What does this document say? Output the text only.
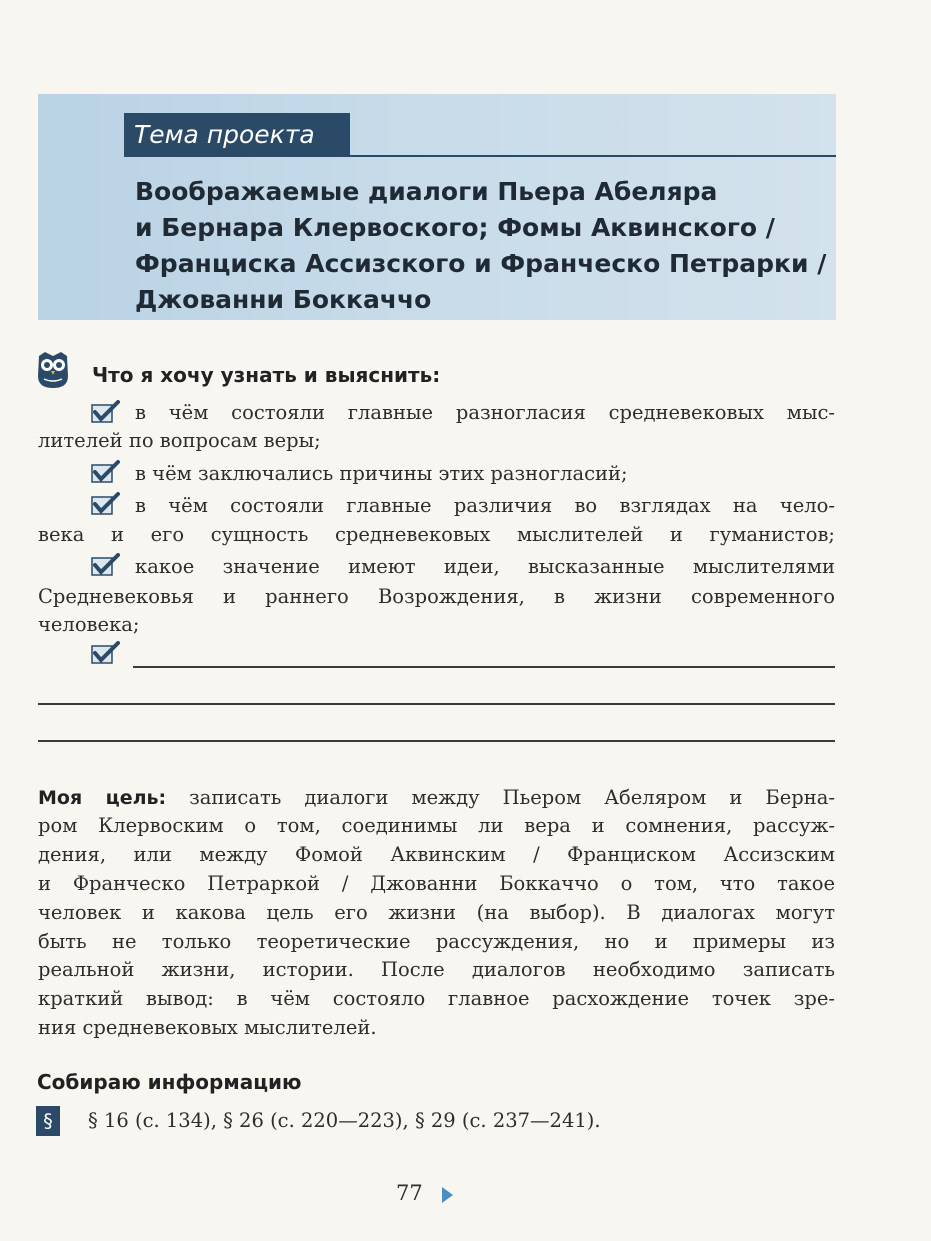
Тема проекта
Воображаемые диалоги Пьера Абеляра
и Бернара Клервоского; Фомы Аквинского /
Франциска Ассизского и Франческо Петрарки /
Джованни Боккаччо
Что я хочу узнать и выяснить:
в чём состояли главные разногласия средневековых мыс-
лителей по вопросам веры;
в чём заключались причины этих разногласий;
в чём состояли главные различия во взглядах на чело-
века и его сущность средневековых мыслителей и гуманистов;
какое значение имеют идеи, высказанные мыслителями
Средневековья и раннего Возрождения, в жизни современного
человека;
Моя цель: записать диалоги между Пьером Абеляром и Берна-
ром Клервоским о том, соединимы ли вера и сомнения, рассуж-
дения, или между Фомой Аквинским / Франциском Ассизским
и Франческо Петраркой / Джованни Боккаччо о том, что такое
человек и какова цель его жизни (на выбор). В диалогах могут
быть не только теоретические рассуждения, но и примеры из
реальной жизни, истории. После диалогов необходимо записать
краткий вывод: в чём состояло главное расхождение точек зре-
ния средневековых мыслителей.
Собираю информацию
§	§ 16 (с. 134), § 26 (с. 220—223), § 29 (с. 237—241).
77
